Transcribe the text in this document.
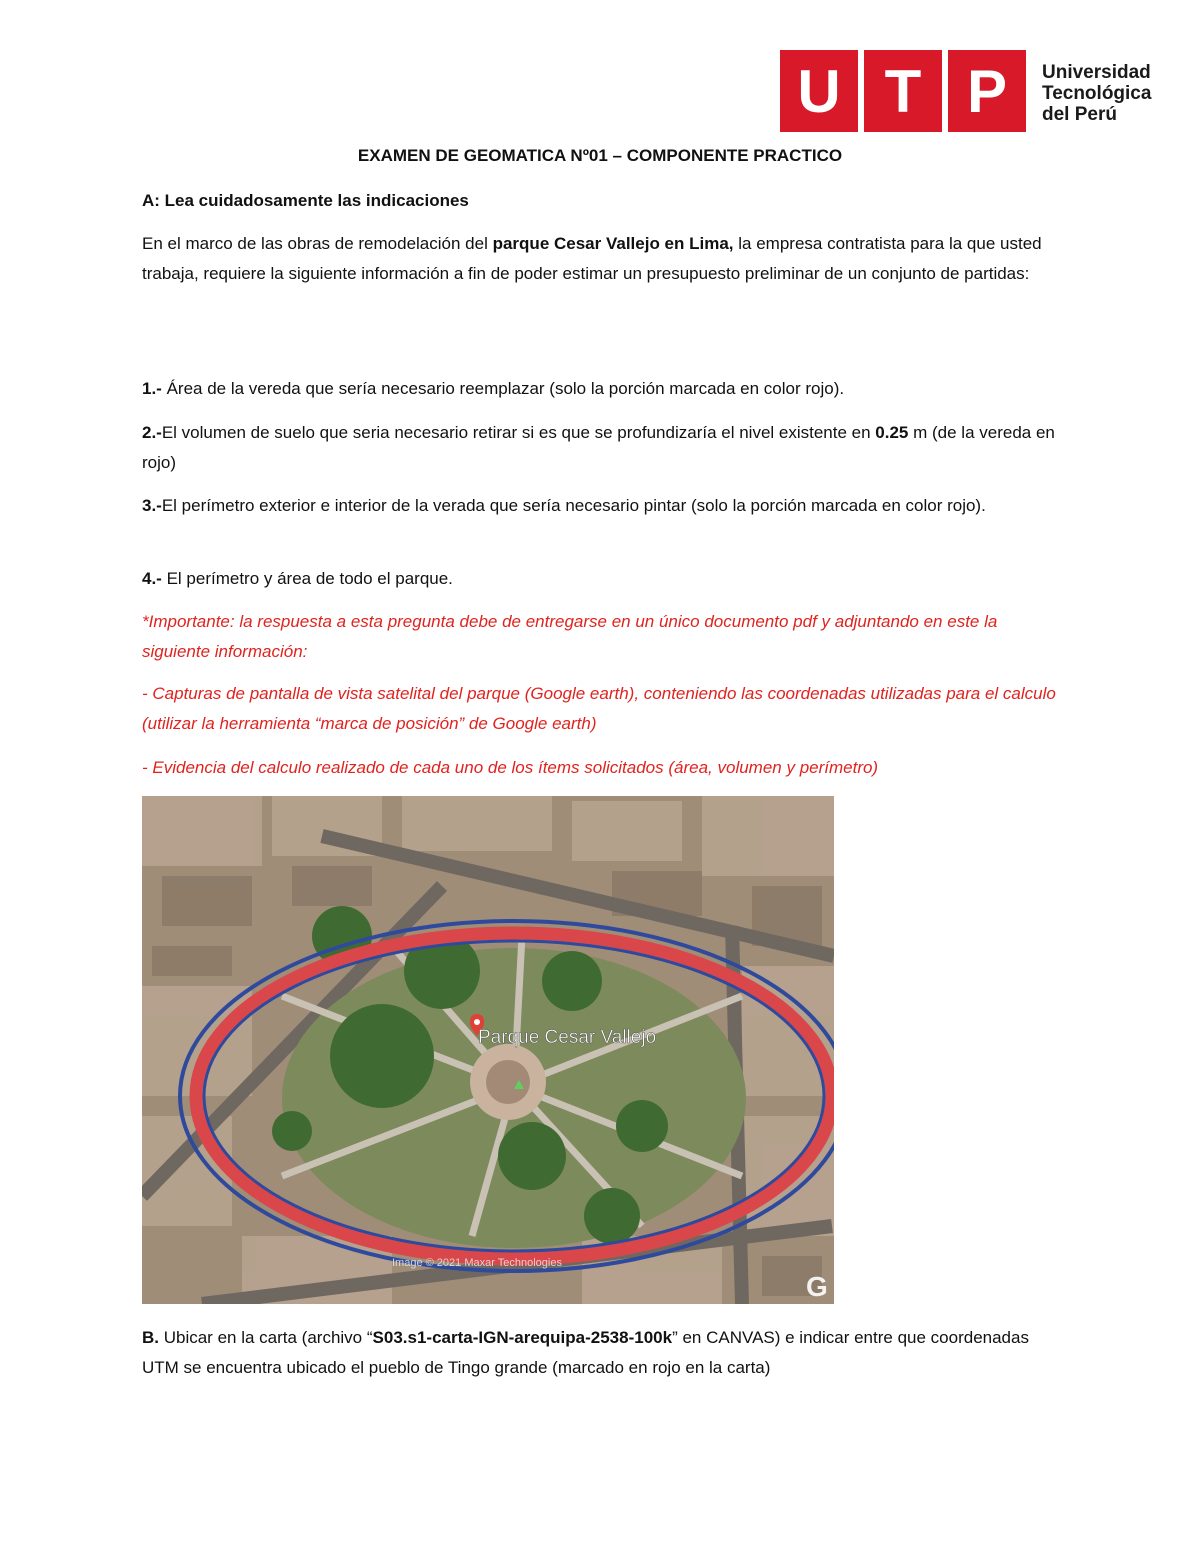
U T P	Universidad
Tecnológica
del Perú
EXAMEN DE GEOMATICA Nº01 – COMPONENTE PRACTICO
A: Lea cuidadosamente las indicaciones
En el marco de las obras de remodelación del parque Cesar Vallejo en Lima, la empresa contratista para la que usted trabaja, requiere la siguiente información a fin de poder estimar un presupuesto preliminar de un conjunto de partidas:
1.- Área de la vereda que sería necesario reemplazar (solo la porción marcada en color rojo).
2.-El volumen de suelo que seria necesario retirar si es que se profundizaría el nivel existente en 0.25 m (de la vereda en rojo)
3.-El perímetro exterior e interior de la verada que sería necesario pintar (solo la porción marcada en color rojo).
4.- El perímetro y área de todo el parque.
*Importante: la respuesta a esta pregunta debe de entregarse en un único documento pdf y adjuntando en este la siguiente información:
- Capturas de pantalla de vista satelital del parque (Google earth), conteniendo las coordenadas utilizadas para el calculo (utilizar la herramienta “marca de posición” de Google earth)
- Evidencia del calculo realizado de cada uno de los ítems solicitados (área, volumen y perímetro)
Parque Cesar Vallejo
Image © 2021 Maxar Technologies
G
B. Ubicar en la carta (archivo “S03.s1-carta-IGN-arequipa-2538-100k” en CANVAS) e indicar entre que coordenadas UTM se encuentra ubicado el pueblo de Tingo grande (marcado en rojo en la carta)
